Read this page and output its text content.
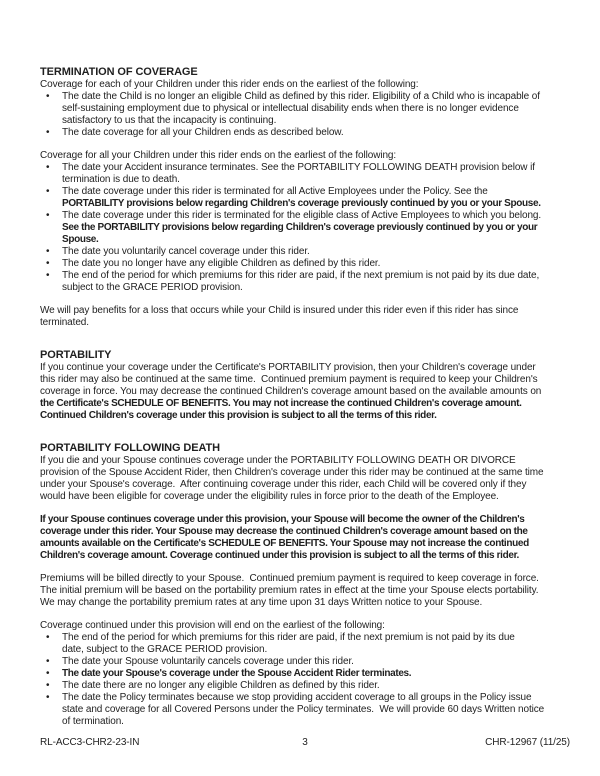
TERMINATION OF COVERAGE

Coverage for each of your Children under this rider ends on the earliest of the following:

• The date the Child is no longer an eligible Child as defined by this rider. Eligibility of a Child who is incapable of
self-sustaining employment due to physical or intellectual disability ends when there is no longer evidence
satisfactory to us that the incapacity is continuing.
• The date coverage for all your Children ends as described below.

Coverage for all your Children under this rider ends on the earliest of the following:

• The date your Accident insurance terminates. See the PORTABILITY FOLLOWING DEATH provision below if
termination is due to death.
• The date coverage under this rider is terminated for all Active Employees under the Policy. See the
PORTABILITY provisions below regarding Children's coverage previously continued by you or your Spouse.
• The date coverage under this rider is terminated for the eligible class of Active Employees to which you belong.
See the PORTABILITY provisions below regarding Children's coverage previously continued by you or your
Spouse.
• The date you voluntarily cancel coverage under this rider.
• The date you no longer have any eligible Children as defined by this rider.
• The end of the period for which premiums for this rider are paid, if the next premium is not paid by its due date,
subject to the GRACE PERIOD provision.

We will pay benefits for a loss that occurs while your Child is insured under this rider even if this rider has since
terminated.

PORTABILITY

If you continue your coverage under the Certificate's PORTABILITY provision, then your Children's coverage under
this rider may also be continued at the same time.  Continued premium payment is required to keep your Children's
coverage in force. You may decrease the continued Children's coverage amount based on the available amounts on
the Certificate's SCHEDULE OF BENEFITS. You may not increase the continued Children's coverage amount.
Continued Children's coverage under this provision is subject to all the terms of this rider.

PORTABILITY FOLLOWING DEATH

If you die and your Spouse continues coverage under the PORTABILITY FOLLOWING DEATH OR DIVORCE
provision of the Spouse Accident Rider, then Children's coverage under this rider may be continued at the same time
under your Spouse's coverage.  After continuing coverage under this rider, each Child will be covered only if they
would have been eligible for coverage under the eligibility rules in force prior to the death of the Employee.

If your Spouse continues coverage under this provision, your Spouse will become the owner of the Children's
coverage under this rider. Your Spouse may decrease the continued Children's coverage amount based on the
amounts available on the Certificate's SCHEDULE OF BENEFITS. Your Spouse may not increase the continued
Children's coverage amount. Coverage continued under this provision is subject to all the terms of this rider.

Premiums will be billed directly to your Spouse.  Continued premium payment is required to keep coverage in force.
The initial premium will be based on the portability premium rates in effect at the time your Spouse elects portability.
We may change the portability premium rates at any time upon 31 days Written notice to your Spouse.

Coverage continued under this provision will end on the earliest of the following:

• The end of the period for which premiums for this rider are paid, if the next premium is not paid by its due
date, subject to the GRACE PERIOD provision.
• The date your Spouse voluntarily cancels coverage under this rider.
• The date your Spouse's coverage under the Spouse Accident Rider terminates.
• The date there are no longer any eligible Children as defined by this rider.
• The date the Policy terminates because we stop providing accident coverage to all groups in the Policy issue
state and coverage for all Covered Persons under the Policy terminates.  We will provide 60 days Written notice
of termination.
RL-ACC3-CHR2-23-IN	3	CHR-12967 (11/25)
